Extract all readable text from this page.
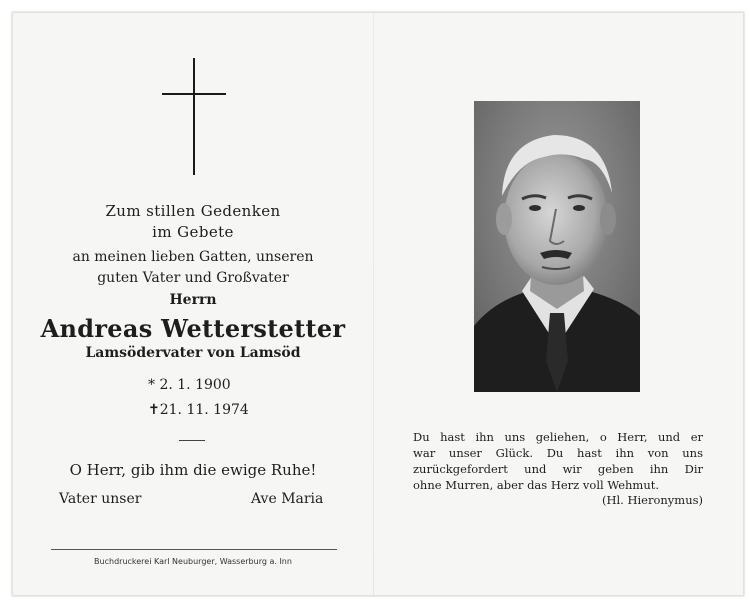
Zum stillen Gedenken
im Gebete
an meinen lieben Gatten, unseren
guten Vater und Großvater
Herrn
Andreas Wetterstetter
Lamsödervater von Lamsöd
* 2. 1. 1900
✝21. 11. 1974
O Herr, gib ihm die ewige Ruhe!
Vater unser	Ave Maria
Buchdruckerei Karl Neuburger, Wasserburg a. Inn
Du hast ihn uns geliehen, o Herr, und er
war unser Glück. Du hast ihn von uns
zurückgefordert und wir geben ihn Dir
ohne Murren, aber das Herz voll Wehmut.
(Hl. Hieronymus)
